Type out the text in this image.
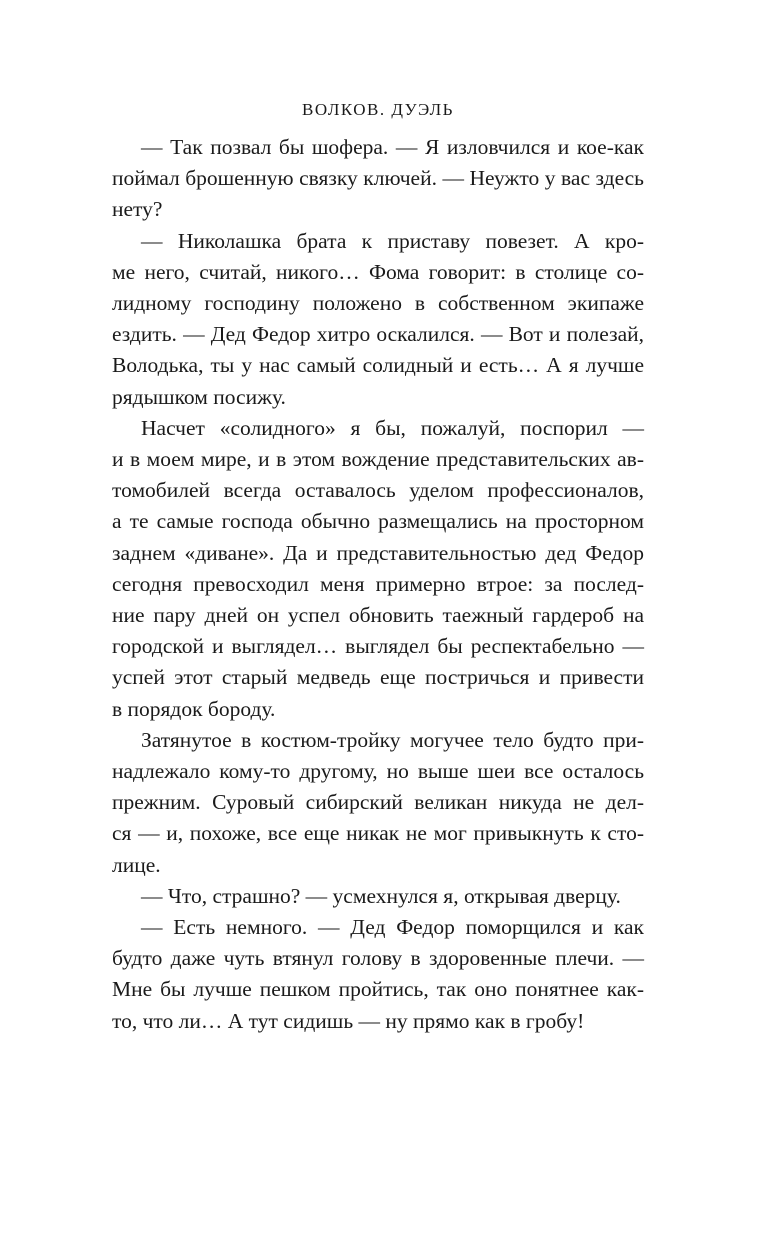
ВОЛКОВ. ДУЭЛЬ

— Так позвал бы шофера. — Я изловчился и кое-как
поймал брошенную связку ключей. — Неужто у вас здесь
нету?

— Николашка брата к приставу повезет. А кро-
ме него, считай, никого… Фома говорит: в столице со-
лидному господину положено в собственном экипаже
ездить. — Дед Федор хитро оскалился. — Вот и полезай,
Володька, ты у нас самый солидный и есть… А я лучше
рядышком посижу.

Насчет «солидного» я бы, пожалуй, поспорил —
и в моем мире, и в этом вождение представительских ав-
томобилей всегда оставалось уделом профессионалов,
а те самые господа обычно размещались на просторном
заднем «диване». Да и представительностью дед Федор
сегодня превосходил меня примерно втрое: за послед-
ние пару дней он успел обновить таежный гардероб на
городской и выглядел… выглядел бы респектабельно —
успей этот старый медведь еще постричься и привести
в порядок бороду.

Затянутое в костюм-тройку могучее тело будто при-
надлежало кому-то другому, но выше шеи все осталось
прежним. Суровый сибирский великан никуда не дел-
ся — и, похоже, все еще никак не мог привыкнуть к сто-
лице.

— Что, страшно? — усмехнулся я, открывая дверцу.

— Есть немного. — Дед Федор поморщился и как
будто даже чуть втянул голову в здоровенные плечи. —
Мне бы лучше пешком пройтись, так оно понятнее как-
то, что ли… А тут сидишь — ну прямо как в гробу!
